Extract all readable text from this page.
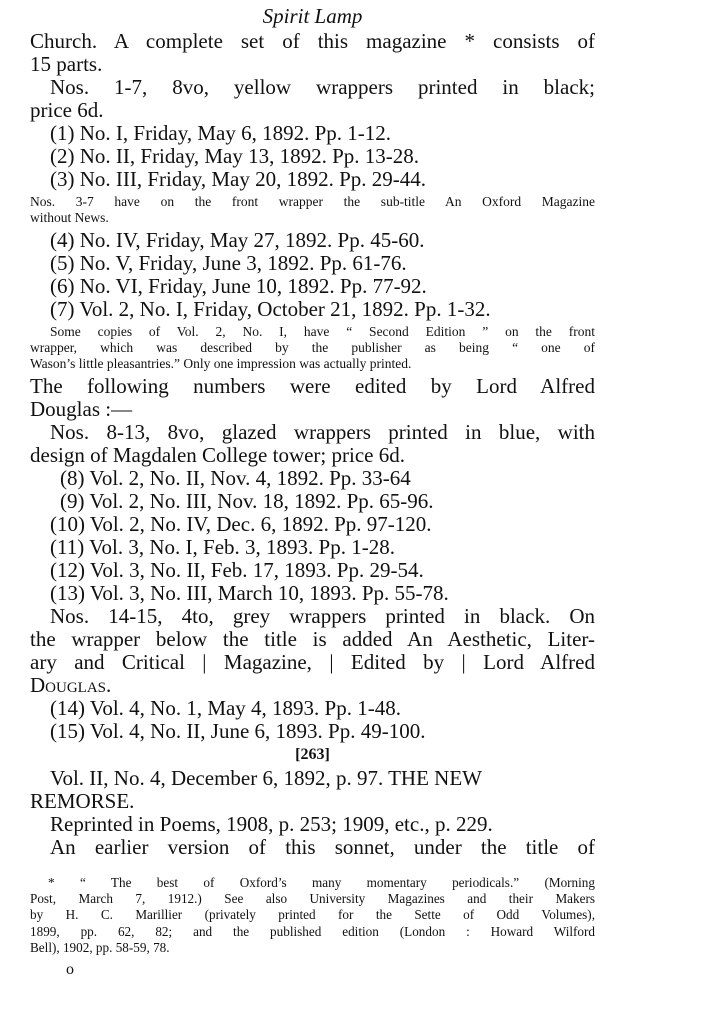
Spirit Lamp
Church. A complete set of this magazine * consists of
15 parts.
Nos. 1-7, 8vo, yellow wrappers printed in black;
price 6d.
(1) No. I, Friday, May 6, 1892. Pp. 1-12.
(2) No. II, Friday, May 13, 1892. Pp. 13-28.
(3) No. III, Friday, May 20, 1892. Pp. 29-44.
Nos. 3-7 have on the front wrapper the sub-title An Oxford Magazine
without News.
(4) No. IV, Friday, May 27, 1892. Pp. 45-60.
(5) No. V, Friday, June 3, 1892. Pp. 61-76.
(6) No. VI, Friday, June 10, 1892. Pp. 77-92.
(7) Vol. 2, No. I, Friday, October 21, 1892. Pp. 1-32.
Some copies of Vol. 2, No. I, have “ Second Edition ” on the front
wrapper, which was described by the publisher as being “ one of
Wason’s little pleasantries.” Only one impression was actually printed.
The following numbers were edited by Lord Alfred
Douglas :—
Nos. 8-13, 8vo, glazed wrappers printed in blue, with
design of Magdalen College tower; price 6d.
(8) Vol. 2, No. II, Nov. 4, 1892. Pp. 33-64
(9) Vol. 2, No. III, Nov. 18, 1892. Pp. 65-96.
(10) Vol. 2, No. IV, Dec. 6, 1892. Pp. 97-120.
(11) Vol. 3, No. I, Feb. 3, 1893. Pp. 1-28.
(12) Vol. 3, No. II, Feb. 17, 1893. Pp. 29-54.
(13) Vol. 3, No. III, March 10, 1893. Pp. 55-78.
Nos. 14-15, 4to, grey wrappers printed in black. On
the wrapper below the title is added An Aesthetic, Liter-
ary and Critical | Magazine, | Edited by | Lord Alfred
Douglas.
(14) Vol. 4, No. 1, May 4, 1893. Pp. 1-48.
(15) Vol. 4, No. II, June 6, 1893. Pp. 49-100.
[263]
Vol. II, No. 4, December 6, 1892, p. 97. THE NEW
REMORSE.
Reprinted in Poems, 1908, p. 253; 1909, etc., p. 229.
An earlier version of this sonnet, under the title of
* “ The best of Oxford’s many momentary periodicals.” (Morning
Post, March 7, 1912.) See also University Magazines and their Makers
by H. C. Marillier (privately printed for the Sette of Odd Volumes),
1899, pp. 62, 82; and the published edition (London : Howard Wilford
Bell), 1902, pp. 58-59, 78.
o
